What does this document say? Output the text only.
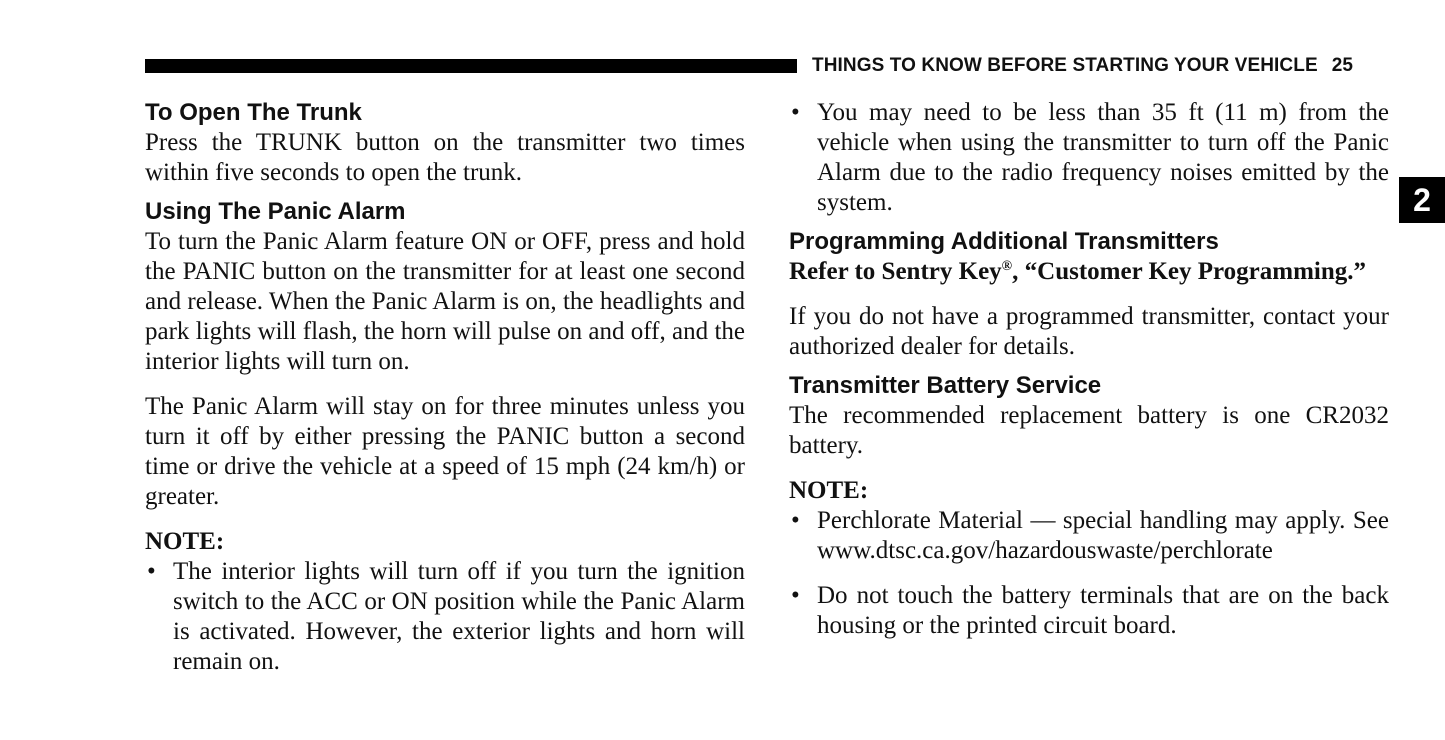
THINGS TO KNOW BEFORE STARTING YOUR VEHICLE 25
2
To Open The Trunk

Press the TRUNK button on the transmitter two times within five seconds to open the trunk.

Using The Panic Alarm

To turn the Panic Alarm feature ON or OFF, press and hold the PANIC button on the transmitter for at least one second and release. When the Panic Alarm is on, the headlights and park lights will flash, the horn will pulse on and off, and the interior lights will turn on.

The Panic Alarm will stay on for three minutes unless you turn it off by either pressing the PANIC button a second time or drive the vehicle at a speed of 15 mph (24 km/h) or greater.

NOTE:
• The interior lights will turn off if you turn the ignition switch to the ACC or ON position while the Panic Alarm is activated. However, the exterior lights and horn will remain on.
• You may need to be less than 35 ft (11 m) from the vehicle when using the transmitter to turn off the Panic Alarm due to the radio frequency noises emitted by the system.
Programming Additional Transmitters
Refer to Sentry Key®, “Customer Key Programming.”

If you do not have a programmed transmitter, contact your authorized dealer for details.

Transmitter Battery Service

The recommended replacement battery is one CR2032 battery.

NOTE:
• Perchlorate Material — special handling may apply. See www.dtsc.ca.gov/hazardouswaste/perchlorate
• Do not touch the battery terminals that are on the back housing or the printed circuit board.
